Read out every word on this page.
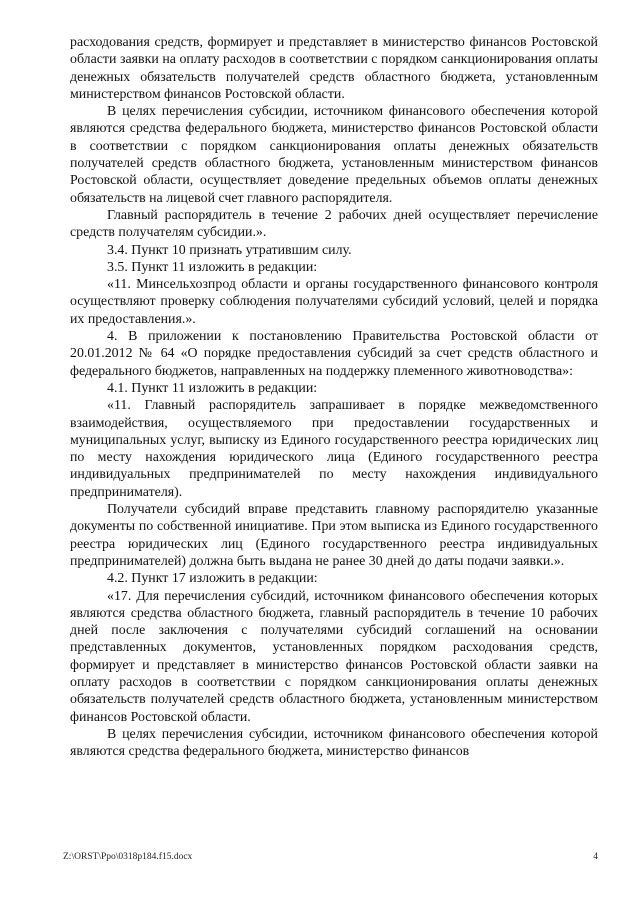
расходования средств, формирует и представляет в министерство финансов Ростовской области заявки на оплату расходов в соответствии с порядком санкционирования оплаты денежных обязательств получателей средств областного бюджета, установленным министерством финансов Ростовской области.

В целях перечисления субсидии, источником финансового обеспечения которой являются средства федерального бюджета, министерство финансов Ростовской области в соответствии с порядком санкционирования оплаты денежных обязательств получателей средств областного бюджета, установленным министерством финансов Ростовской области, осуществляет доведение предельных объемов оплаты денежных обязательств на лицевой счет главного распорядителя.

Главный распорядитель в течение 2 рабочих дней осуществляет перечисление средств получателям субсидии.».

3.4. Пункт 10 признать утратившим силу.

3.5. Пункт 11 изложить в редакции:

«11. Минсельхозпрод области и органы государственного финансового контроля осуществляют проверку соблюдения получателями субсидий условий, целей и порядка их предоставления.».

4. В приложении к постановлению Правительства Ростовской области от 20.01.2012 № 64 «О порядке предоставления субсидий за счет средств областного и федерального бюджетов, направленных на поддержку племенного животноводства»:

4.1. Пункт 11 изложить в редакции:

«11. Главный распорядитель запрашивает в порядке межведомственного взаимодействия, осуществляемого при предоставлении государственных и муниципальных услуг, выписку из Единого государственного реестра юридических лиц по месту нахождения юридического лица (Единого государственного реестра индивидуальных предпринимателей по месту нахождения индивидуального предпринимателя).

Получатели субсидий вправе представить главному распорядителю указанные документы по собственной инициативе. При этом выписка из Единого государственного реестра юридических лиц (Единого государственного реестра индивидуальных предпринимателей) должна быть выдана не ранее 30 дней до даты подачи заявки.».

4.2. Пункт 17 изложить в редакции:

«17. Для перечисления субсидий, источником финансового обеспечения которых являются средства областного бюджета, главный распорядитель в течение 10 рабочих дней после заключения с получателями субсидий соглашений на основании представленных документов, установленных порядком расходования средств, формирует и представляет в министерство финансов Ростовской области заявки на оплату расходов в соответствии с порядком санкционирования оплаты денежных обязательств получателей средств областного бюджета, установленным министерством финансов Ростовской области.

В целях перечисления субсидии, источником финансового обеспечения которой являются средства федерального бюджета, министерство финансов

Z:\ORST\Ppo\0318p184.f15.docx	4
